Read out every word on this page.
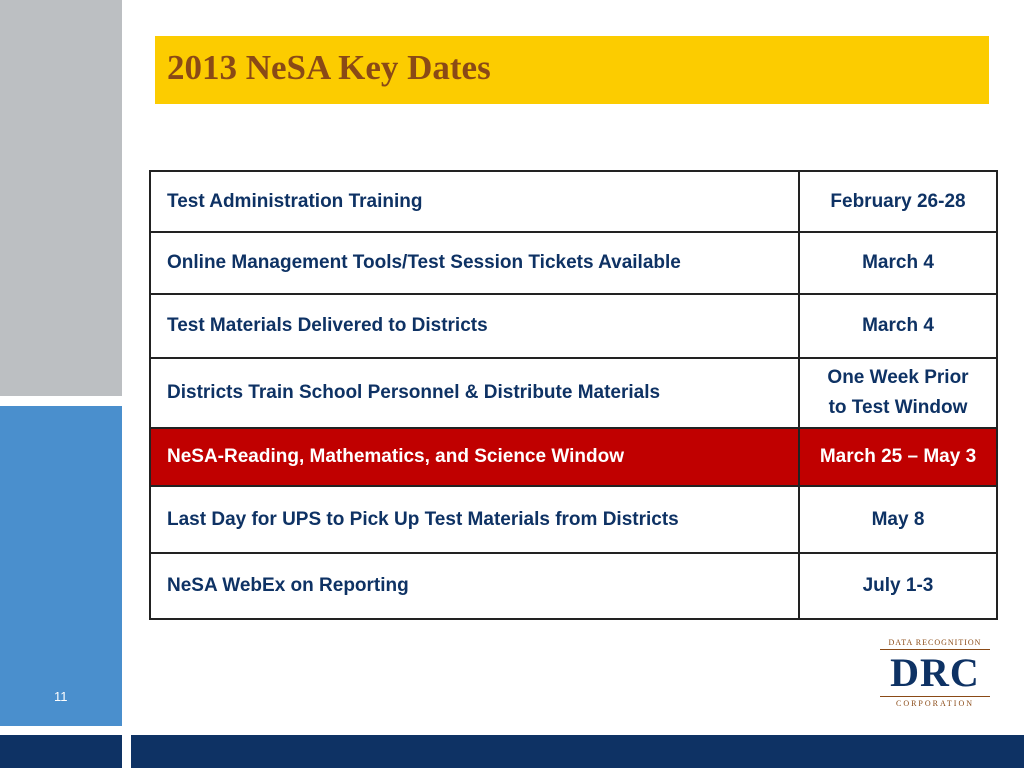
11
2013 NeSA Key Dates
Test Administration Training	February 26-28
Online Management Tools/Test Session Tickets Available	March 4
Test Materials Delivered to Districts	March 4
Districts Train School Personnel & Distribute Materials	One Week Prior
to Test Window

NeSA-Reading, Mathematics, and Science Window	March 25 – May 3
Last Day for UPS to Pick Up Test Materials from Districts	May 8
NeSA WebEx on Reporting	July 1-3
DATA RECOGNITION
DRC
CORPORATION
